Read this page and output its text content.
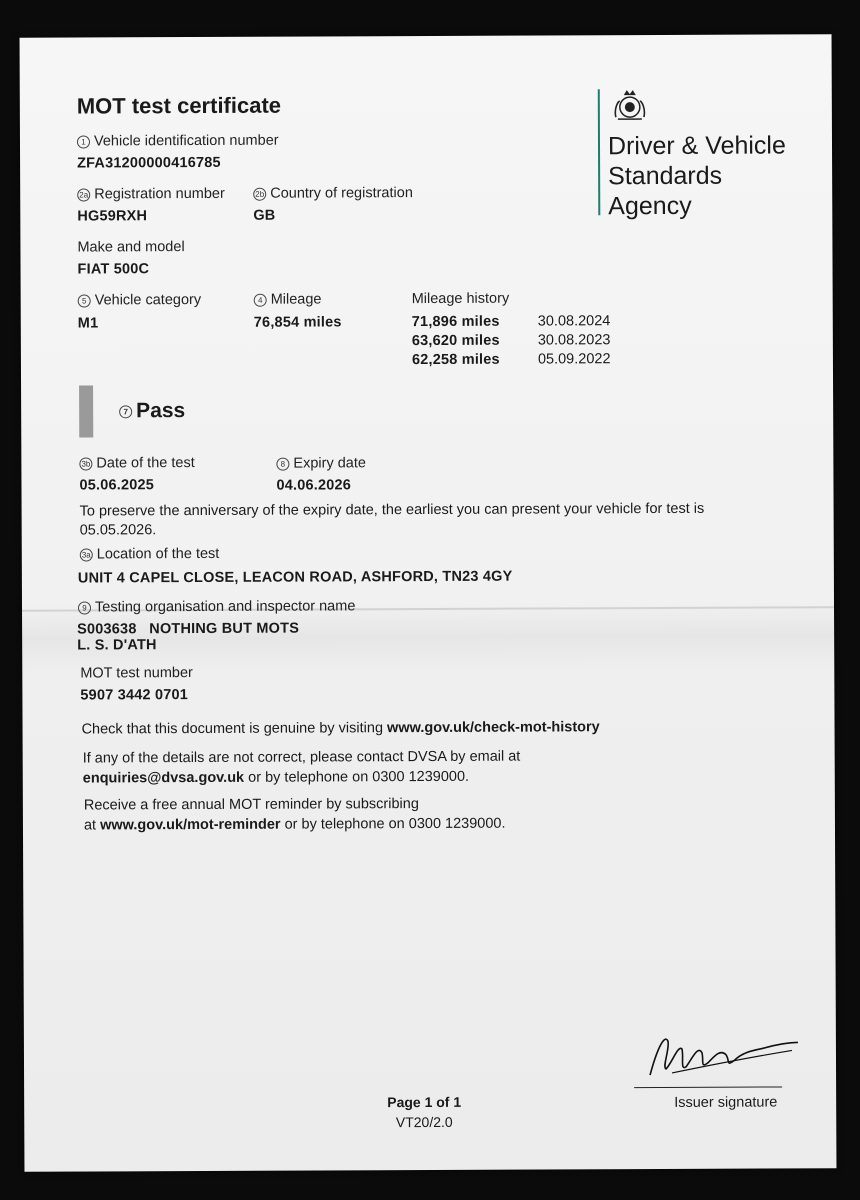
MOT test certificate
Driver & Vehicle
Standards
Agency
1 Vehicle identification number
ZFA31200000416785
2a Registration number
HG59RXH
2b Country of registration
GB
Make and model
FIAT 500C
5 Vehicle category
M1
4 Mileage
76,854 miles
Mileage history
71,896 miles	30.08.2024
63,620 miles	30.08.2023
62,258 miles	05.09.2022
7 Pass
3b Date of the test
05.06.2025
8 Expiry date
04.06.2026
To preserve the anniversary of the expiry date, the earliest you can present your vehicle for test is 05.05.2026.
3a Location of the test
UNIT 4 CAPEL CLOSE, LEACON ROAD, ASHFORD, TN23 4GY
9 Testing organisation and inspector name
S003638   NOTHING BUT MOTS
L. S. D'ATH
MOT test number
5907 3442 0701
Check that this document is genuine by visiting www.gov.uk/check-mot-history
If any of the details are not correct, please contact DVSA by email at
enquiries@dvsa.gov.uk or by telephone on 0300 1239000.
Receive a free annual MOT reminder by subscribing
at www.gov.uk/mot-reminder or by telephone on 0300 1239000.
Page 1 of 1
VT20/2.0
Issuer signature
